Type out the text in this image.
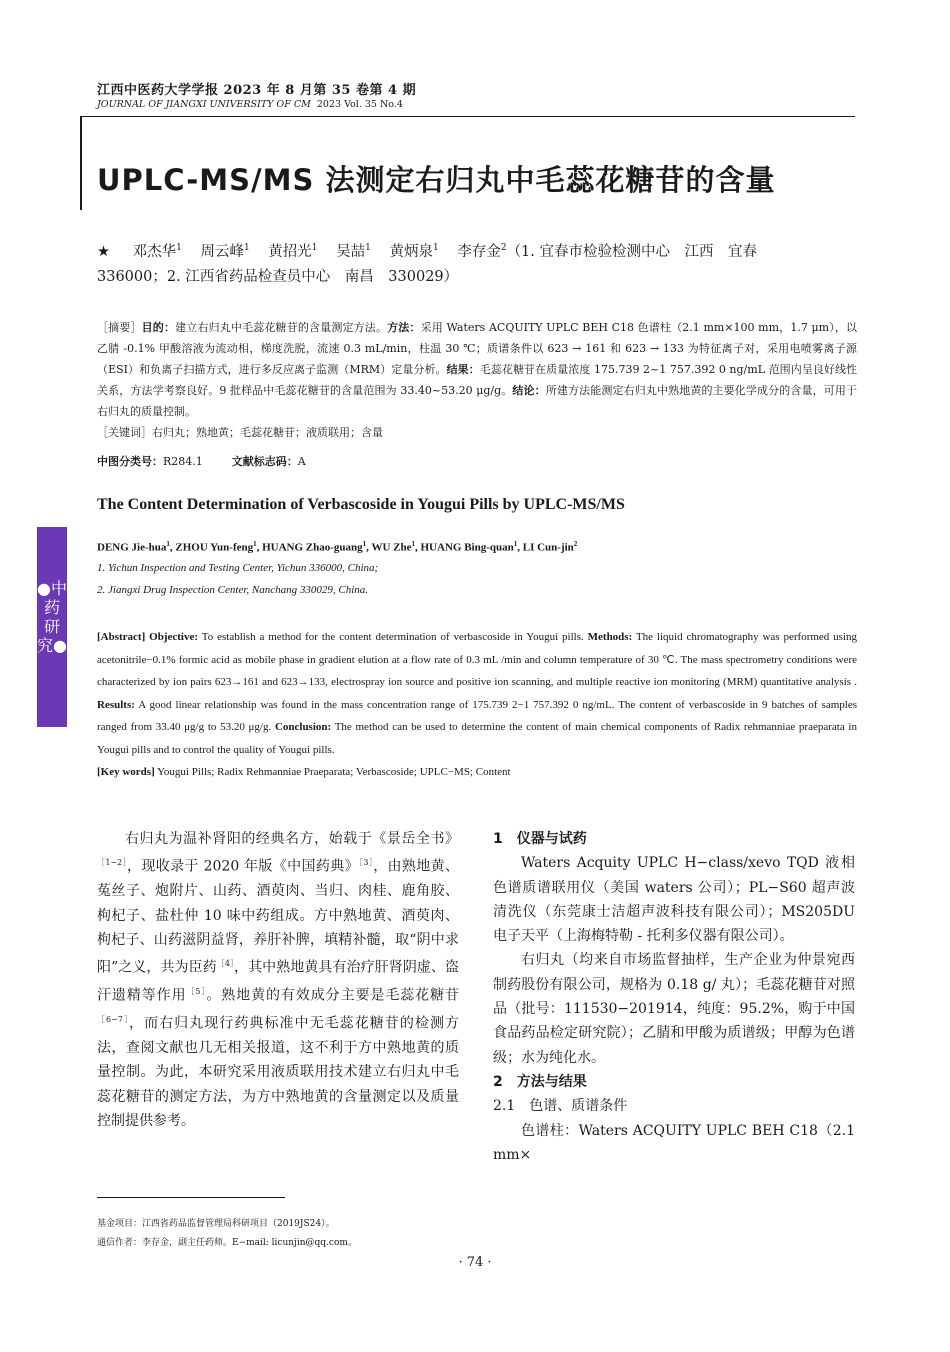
江西中医药大学学报 2023 年 8 月第 35 卷第 4 期
JOURNAL OF JIANGXI UNIVERSITY OF CM 2023 Vol. 35 No.4
UPLC-MS/MS 法测定右归丸中毛蕊花糖苷的含量
★ 邓杰华$^1$ 周云峰$^1$ 黄招光$^1$ 吴喆$^1$ 黄炳泉$^1$ 李存金$^2$（1. 宜春市检验检测中心　江西　宜春
336000；2. 江西省药品检查员中心　南昌　330029）
［摘要］目的：建立右归丸中毛蕊花糖苷的含量测定方法。方法：采用 Waters ACQUITY UPLC BEH C18 色谱柱（2.1 mm×100 mm，1.7 μm），以乙腈 -0.1% 甲酸溶液为流动相，梯度洗脱，流速 0.3 mL/min，柱温 30 ℃；质谱条件以 623 → 161 和 623 → 133 为特征离子对，采用电喷雾离子源（ESI）和负离子扫描方式，进行多反应离子监测（MRM）定量分析。结果：毛蕊花糖苷在质量浓度 175.739 2~1 757.392 0 ng/mL 范围内呈良好线性关系，方法学考察良好。9 批样品中毛蕊花糖苷的含量范围为 33.40~53.20 μg/g。结论：所建方法能测定右归丸中熟地黄的主要化学成分的含量，可用于右归丸的质量控制。
［关键词］右归丸；熟地黄；毛蕊花糖苷；液质联用；含量
中图分类号：R284.1	文献标志码：A
The Content Determination of Verbascoside in Yougui Pills by UPLC-MS/MS
DENG Jie-hua$^1$, ZHOU Yun-feng$^1$, HUANG Zhao-guang$^1$, WU Zhe$^1$, HUANG Bing-quan$^1$, LI Cun-jin$^2$
1. Yichun Inspection and Testing Center, Yichun 336000, China;
2. Jiangxi Drug Inspection Center, Nanchang 330029, China.
[Abstract] Objective: To establish a method for the content determination of verbascoside in Yougui pills. Methods: The liquid chromatography was performed using acetonitrile−0.1% formic acid as mobile phase in gradient elution at a flow rate of 0.3 mL /min and column temperature of 30 ℃. The mass spectrometry conditions were characterized by ion pairs 623→161 and 623→133, electrospray ion source and positive ion scanning, and multiple reactive ion monitoring (MRM) quantitative analysis . Results: A good linear relationship was found in the mass concentration range of 175.739 2−1 757.392 0 ng/mL. The content of verbascoside in 9 batches of samples ranged from 33.40 μg/g to 53.20 μg/g. Conclusion: The method can be used to determine the content of main chemical components of Radix rehmanniae praeparata in Yougui pills and to control the quality of Yougui pills.
[Key words] Yougui Pills; Radix Rehmanniae Praeparata; Verbascoside; UPLC−MS; Content
●中药研究●

右归丸为温补肾阳的经典名方，始载于《景岳全书》$^{[1-2]}$，现收录于 2020 年版《中国药典》$^{[3]}$，由熟地黄、菟丝子、炮附片、山药、酒萸肉、当归、肉桂、鹿角胶、枸杞子、盐杜仲 10 味中药组成。方中熟地黄、酒萸肉、枸杞子、山药滋阴益肾，养肝补脾，填精补髓，取“阴中求阳”之义，共为臣药$^{[4]}$，其中熟地黄具有治疗肝肾阴虚、盗汗遗精等作用$^{[5]}$。熟地黄的有效成分主要是毛蕊花糖苷$^{[6-7]}$，而右归丸现行药典标准中无毛蕊花糖苷的检测方法，查阅文献也几无相关报道，这不利于方中熟地黄的质量控制。为此，本研究采用液质联用技术建立右归丸中毛蕊花糖苷的测定方法，为方中熟地黄的含量测定以及质量控制提供参考。

1　仪器与试药

Waters Acquity UPLC H−class/xevo TQD 液相色谱质谱联用仪（美国 waters 公司）；PL−S60 超声波清洗仪（东莞康士洁超声波科技有限公司）；MS205DU 电子天平（上海梅特勒 - 托利多仪器有限公司）。

右归丸（均来自市场监督抽样，生产企业为仲景宛西制药股份有限公司，规格为 0.18 g/ 丸）；毛蕊花糖苷对照品（批号：111530−201914，纯度：95.2%，购于中国食品药品检定研究院）；乙腈和甲酸为质谱级；甲醇为色谱级；水为纯化水。

2　方法与结果

2.1　色谱、质谱条件

色谱柱：Waters ACQUITY UPLC BEH C18（2.1 mm×

基金项目：江西省药品监督管理局科研项目（2019JS24）。
通信作者：李存金，副主任药师。E−mail: licunjin@qq.com。
· 74 ·
